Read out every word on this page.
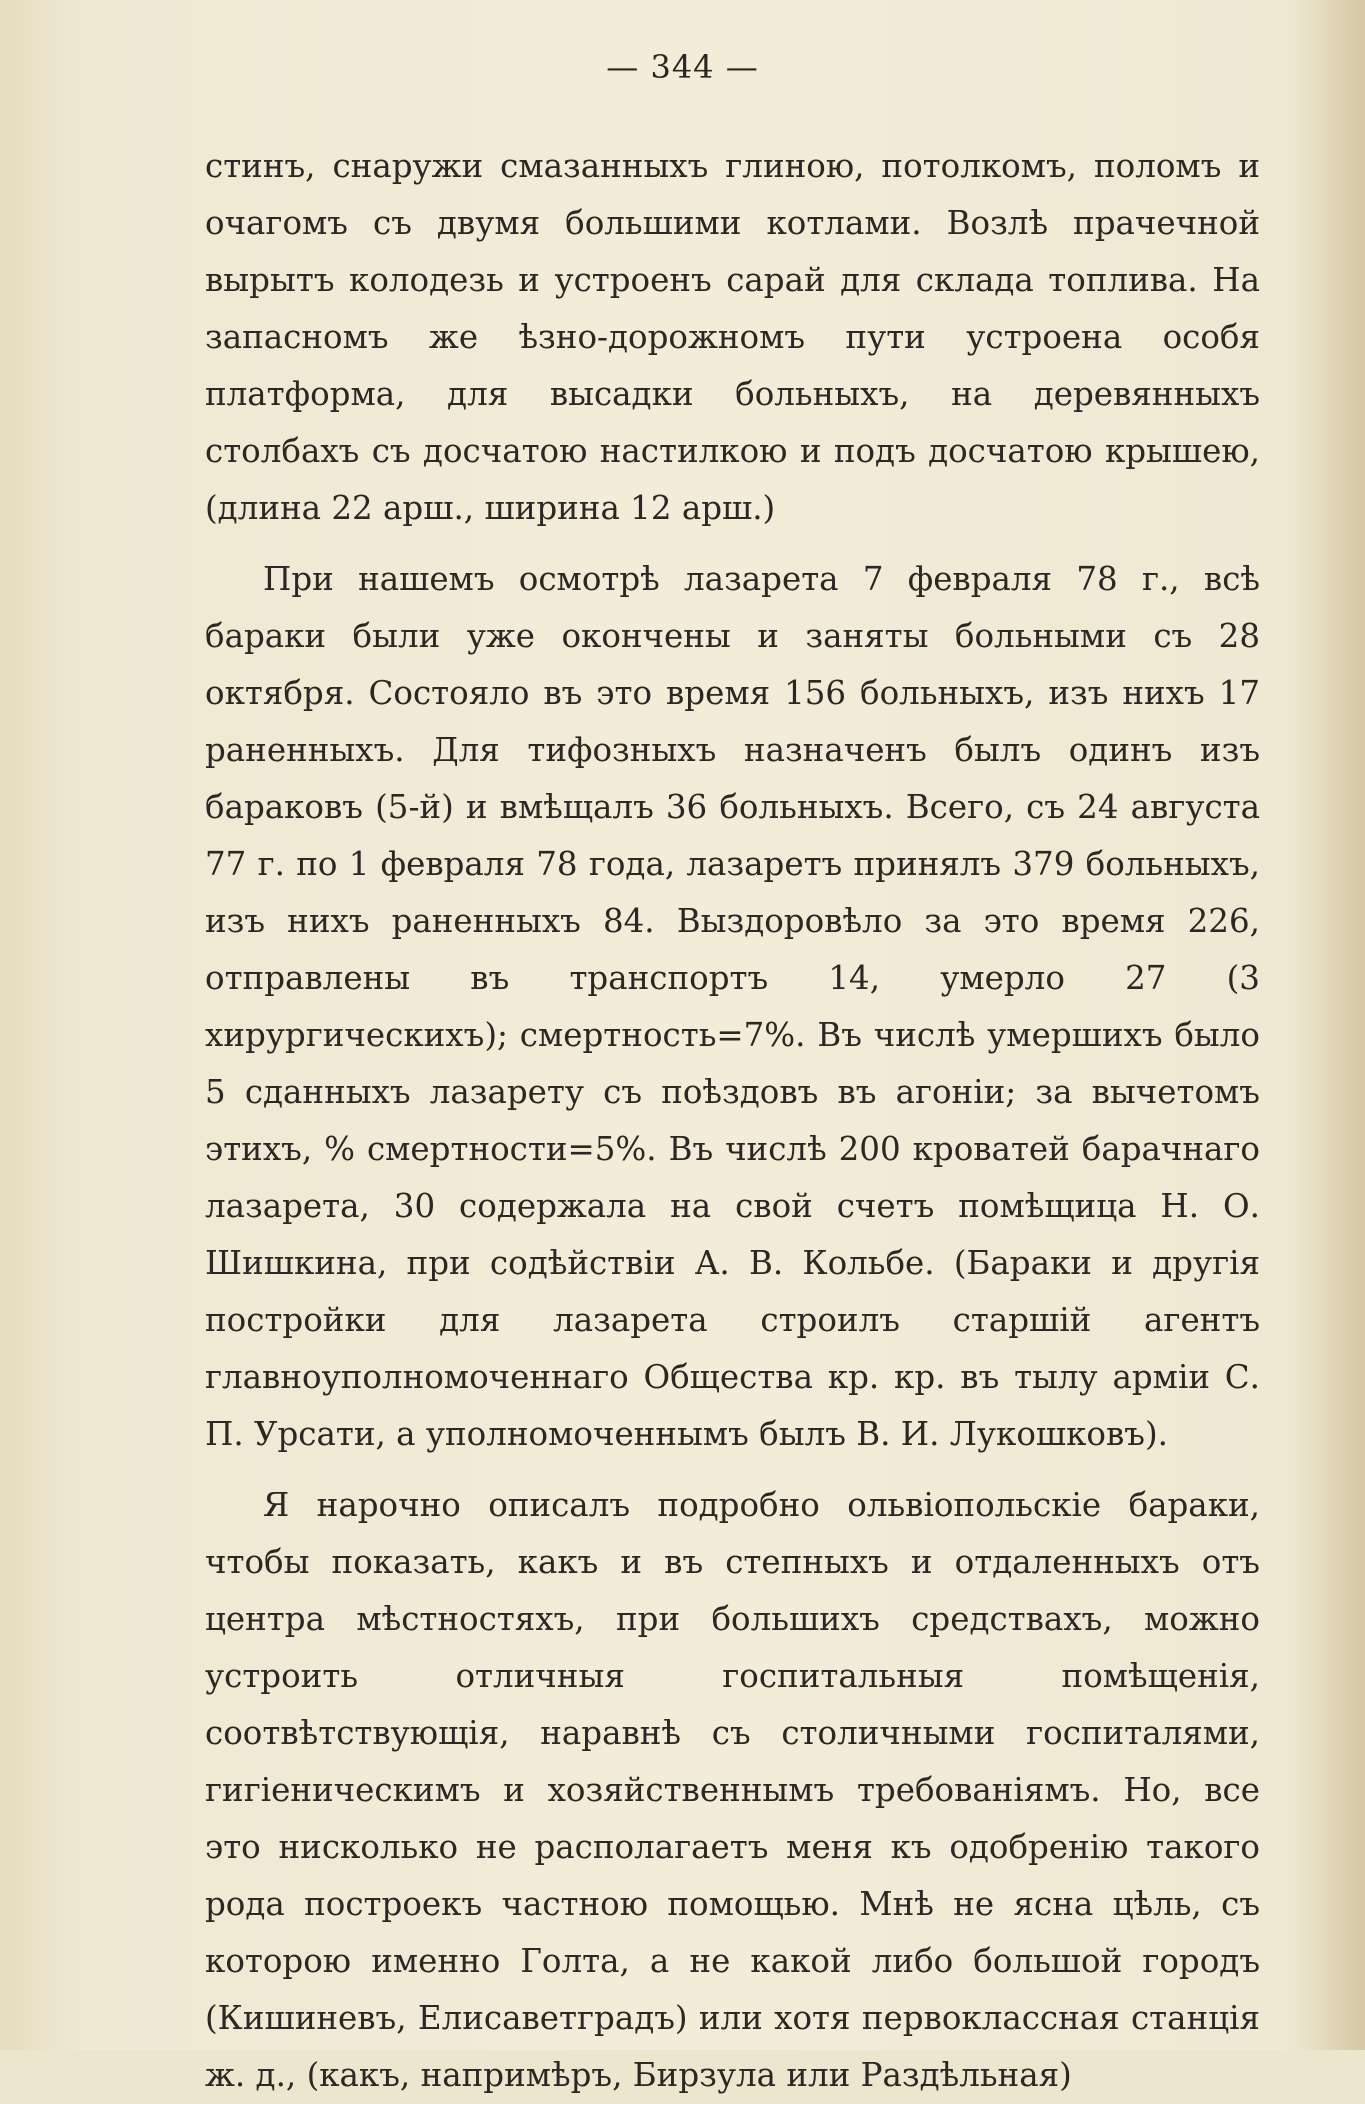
— 344 —

стинъ, снаружи смазанныхъ глиною, потолкомъ, поломъ и очагомъ съ двумя большими котлами. Возлѣ прачечной вырытъ колодезь и устроенъ сарай для склада топлива. На запасномъ же ѣзно-дорожномъ пути устроена особя платформа, для высадки больныхъ, на деревянныхъ столбахъ съ досчатою настилкою и подъ досчатою крышею, (длина 22 арш., ширина 12 арш.)

При нашемъ осмотрѣ лазарета 7 февраля 78 г., всѣ бараки были уже окончены и заняты больными съ 28 октября. Состояло въ это время 156 больныхъ, изъ нихъ 17 раненныхъ. Для тифозныхъ назначенъ былъ одинъ изъ бараковъ (5-й) и вмѣщалъ 36 больныхъ. Всего, съ 24 августа 77 г. по 1 февраля 78 года, лазаретъ принялъ 379 больныхъ, изъ нихъ раненныхъ 84. Выздоровѣло за это время 226, отправлены въ транспортъ 14, умерло 27 (3 хирургическихъ); смертность=7%. Въ числѣ умершихъ было 5 сданныхъ лазарету съ поѣздовъ въ агоніи; за вычетомъ этихъ, % смертности=5%. Въ числѣ 200 кроватей барачнаго лазарета, 30 содержала на свой счетъ помѣщица Н. О. Шишкина, при содѣйствіи А. В. Кольбе. (Бараки и другія постройки для лазарета строилъ старшій агентъ главноуполномоченнаго Общества кр. кр. въ тылу арміи С. П. Урсати, а уполномоченнымъ былъ В. И. Лукошковъ).

Я нарочно описалъ подробно ольвіопольскіе бараки, чтобы показать, какъ и въ степныхъ и отдаленныхъ отъ центра мѣстностяхъ, при большихъ средствахъ, можно устроить отличныя госпитальныя помѣщенія, соотвѣтствующія, наравнѣ съ столичными госпиталями, гигіеническимъ и хозяйственнымъ требованіямъ. Но, все это нисколько не располагаетъ меня къ одобренію такого рода построекъ частною помощью. Мнѣ не ясна цѣль, съ которою именно Голта, а не какой либо большой городъ (Кишиневъ, Елисаветградъ) или хотя первоклассная станція ж. д., (какъ, напримѣръ, Бирзула или Раздѣльная)
